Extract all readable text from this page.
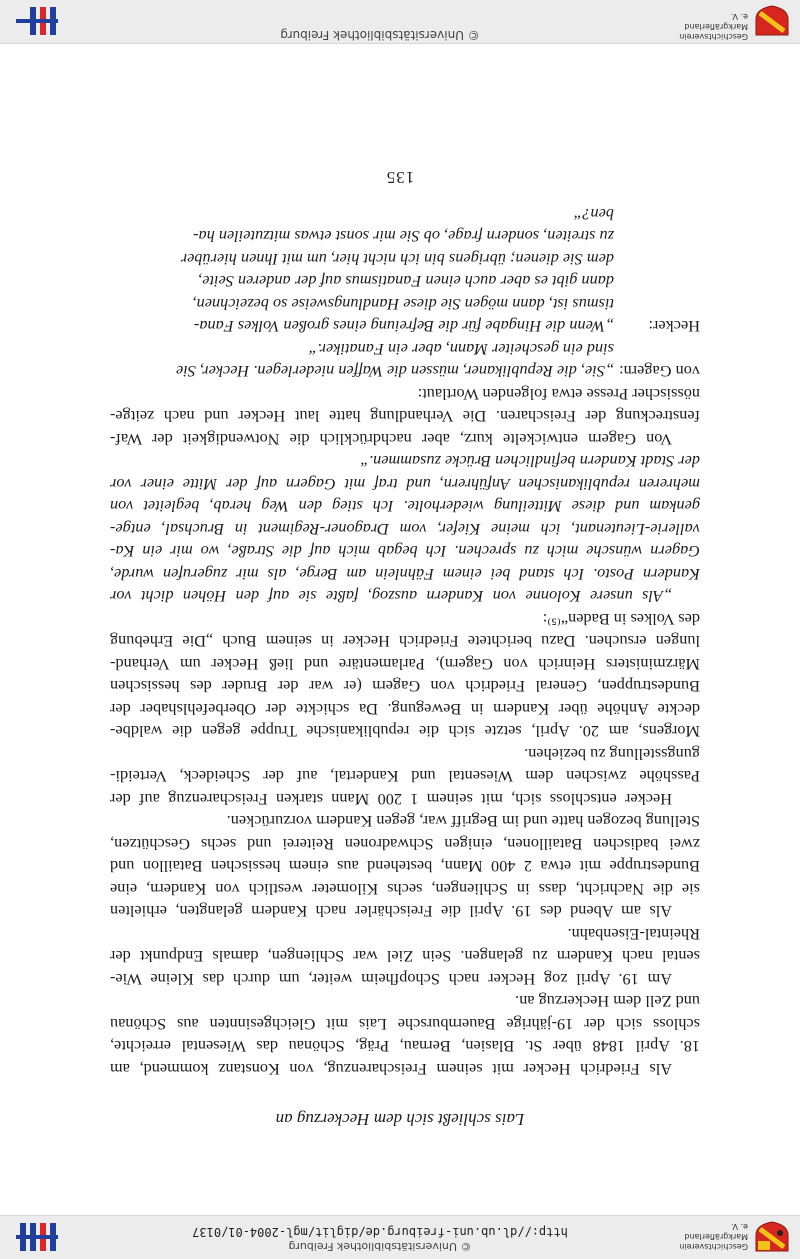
Geschichtsverein
Markgräflerland e. V.
© Universitätsbibliothek Freiburg
http://dl.ub.uni-freiburg.de/diglit/mgl-2004-01/0137
Lais schließt sich dem Heckerzug an
Als Friedrich Hecker mit seinem Freischarenzug, von Konstanz kommend, am
18. April 1848 über St. Blasien, Bernau, Präg, Schönau das Wiesental erreichte,
schloss sich der 19-jährige Bauernbursche Lais mit Gleichgesinnten aus Schönau
und Zell dem Heckerzug an.
Am 19. April zog Hecker nach Schopfheim weiter, um durch das Kleine Wie-
sental nach Kandern zu gelangen. Sein Ziel war Schliengen, damals Endpunkt der
Rheintal-Eisenbahn.
Als am Abend des 19. April die Freischärler nach Kandern gelangten, erhielten
sie die Nachricht, dass in Schliengen, sechs Kilometer westlich von Kandern, eine
Bundestruppe mit etwa 2 400 Mann, bestehend aus einem hessischen Bataillon und
zwei badischen Bataillonen, einigen Schwadronen Reiterei und sechs Geschützen,
Stellung bezogen hatte und im Begriff war, gegen Kandern vorzurücken.
Hecker entschloss sich, mit seinem 1 200 Mann starken Freischarenzug auf der
Passhöhe zwischen dem Wiesental und Kandertal, auf der Scheideck, Verteidi-
gungsstellung zu beziehen.
Morgens, am 20. April, setzte sich die republikanische Truppe gegen die waldbe-
deckte Anhöhe über Kandern in Bewegung. Da schickte der Oberbefehlshaber der
Bundestruppen, General Friedrich von Gagern (er war der Bruder des hessischen
Märzministers Heinrich von Gagern), Parlamentäre und ließ Hecker um Verhand-
lungen ersuchen. Dazu berichtete Friedrich Hecker in seinem Buch „Die Erhebung
des Volkes in Baden“⁽⁵⁾:
„Als unsere Kolonne von Kandern auszog, faßte sie auf den Höhen dicht vor
Kandern Posto. Ich stand bei einem Fähnlein am Berge, als mir zugerufen wurde,
Gagern wünsche mich zu sprechen. Ich begab mich auf die Straße, wo mir ein Ka-
vallerie-Lieutenant, ich meine Kiefer, vom Dragoner-Regiment in Bruchsal, entge-
genkam und diese Mitteilung wiederholte. Ich stieg den Weg herab, begleitet von
mehreren republikanischen Anführern, und traf mit Gagern auf der Mitte einer vor
der Stadt Kandern befindlichen Brücke zusammen.“
Von Gagern entwickelte kurz, aber nachdrücklich die Notwendigkeit der Waf-
fenstreckung der Freischaren. Die Verhandlung hatte laut Hecker und nach zeitge-
nössischer Presse etwa folgenden Wortlaut:
von Gagern:„Sie, die Republikaner, müssen die Waffen niederlegen. Hecker, Sie
sind ein gescheiter Mann, aber ein Fanatiker.“
Hecker:„Wenn die Hingabe für die Befreiung eines großen Volkes Fana-
tismus ist, dann mögen Sie diese Handlungsweise so bezeichnen,
dann gibt es aber auch einen Fanatismus auf der anderen Seite,
dem Sie dienen; übrigens bin ich nicht hier, um mit Ihnen hierüber
zu streiten, sondern frage, ob Sie mir sonst etwas mitzuteilen ha-
ben?“
135
Geschichtsverein
Markgräflerland e. V.
© Universitätsbibliothek Freiburg
